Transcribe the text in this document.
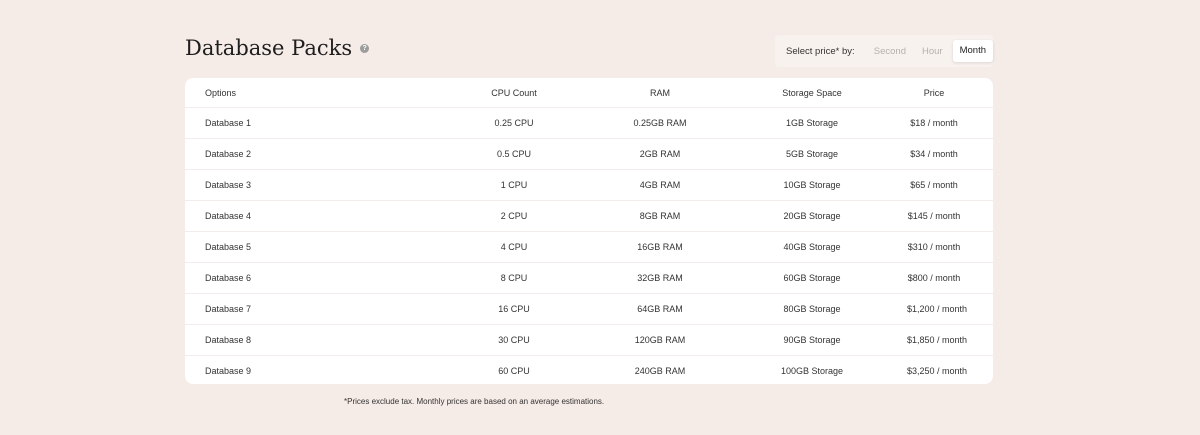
Database Packs	?	Select price* by:	Second	Hour	Month
Options	CPU Count	RAM	Storage Space	Price
Database 1	0.25 CPU	0.25GB RAM	1GB Storage	$18 / month
Database 2	0.5 CPU	2GB RAM	5GB Storage	$34 / month
Database 3	1 CPU	4GB RAM	10GB Storage	$65 / month
Database 4	2 CPU	8GB RAM	20GB Storage	$145 / month
Database 5	4 CPU	16GB RAM	40GB Storage	$310 / month
Database 6	8 CPU	32GB RAM	60GB Storage	$800 / month
Database 7	16 CPU	64GB RAM	80GB Storage	$1,200 / month
Database 8	30 CPU	120GB RAM	90GB Storage	$1,850 / month
Database 9	60 CPU	240GB RAM	100GB Storage	$3,250 / month
*Prices exclude tax. Monthly prices are based on an average estimations.
